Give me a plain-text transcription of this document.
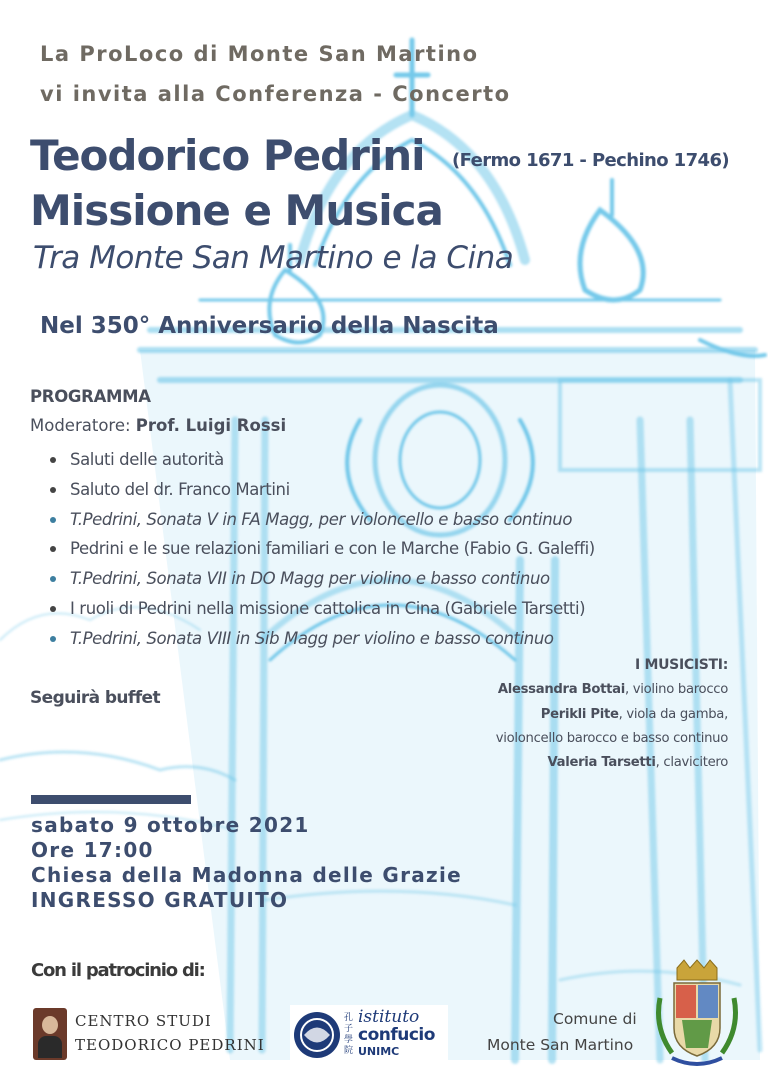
La ProLoco di Monte San Martino
vi invita alla Conferenza - Concerto
Teodorico Pedrini (Fermo 1671 - Pechino 1746)
Missione e Musica
Tra Monte San Martino e la Cina
Nel 350° Anniversario della Nascita
PROGRAMMA
Moderatore: Prof. Luigi Rossi
Saluti delle autorità
Saluto del dr. Franco Martini
T.Pedrini, Sonata V in FA Magg, per violoncello e basso continuo
Pedrini e le sue relazioni familiari e con le Marche (Fabio G. Galeffi)
T.Pedrini, Sonata VII in DO Magg per violino e basso continuo
I ruoli di Pedrini nella missione cattolica in Cina (Gabriele Tarsetti)
T.Pedrini, Sonata VIII in Sib Magg per violino e basso continuo
Seguirà buffet
I MUSICISTI:
Alessandra Bottai, violino barocco
Perikli Pite, viola da gamba,
violoncello barocco e basso continuo
Valeria Tarsetti, clavicitero
sabato 9 ottobre 2021
Ore 17:00
Chiesa della Madonna delle Grazie
INGRESSO GRATUITO
Con il patrocinio di:
CENTRO STUDI
TEODORICO PEDRINI
孔子學院
istituto
confucio
UNIMC
Comune di
Monte San Martino
